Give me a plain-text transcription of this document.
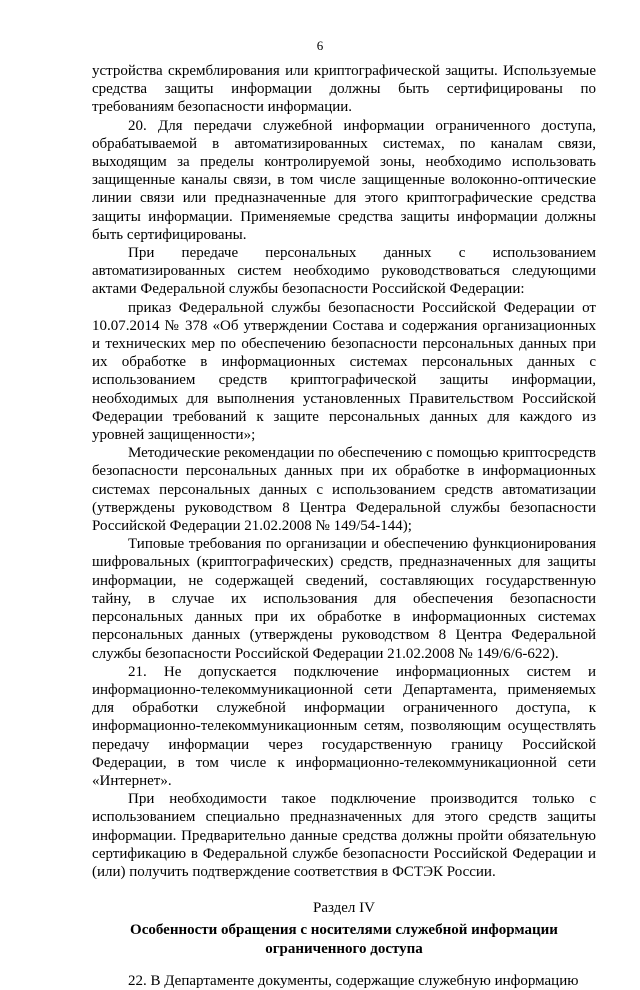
6

устройства скремблирования или криптографической защиты. Используемые средства защиты информации должны быть сертифицированы по требованиям безопасности информации.

20. Для передачи служебной информации ограниченного доступа, обрабатываемой в автоматизированных системах, по каналам связи, выходящим за пределы контролируемой зоны, необходимо использовать защищенные каналы связи, в том числе защищенные волоконно-оптические линии связи или предназначенные для этого криптографические средства защиты информации. Применяемые средства защиты информации должны быть сертифицированы.

При передаче персональных данных с использованием автоматизированных систем необходимо руководствоваться следующими актами Федеральной службы безопасности Российской Федерации:

приказ Федеральной службы безопасности Российской Федерации от 10.07.2014 № 378 «Об утверждении Состава и содержания организационных и технических мер по обеспечению безопасности персональных данных при их обработке в информационных системах персональных данных с использованием средств криптографической защиты информации, необходимых для выполнения установленных Правительством Российской Федерации требований к защите персональных данных для каждого из уровней защищенности»;

Методические рекомендации по обеспечению с помощью криптосредств безопасности персональных данных при их обработке в информационных системах персональных данных с использованием средств автоматизации (утверждены руководством 8 Центра Федеральной службы безопасности Российской Федерации 21.02.2008 № 149/54-144);

Типовые требования по организации и обеспечению функционирования шифровальных (криптографических) средств, предназначенных для защиты информации, не содержащей сведений, составляющих государственную тайну, в случае их использования для обеспечения безопасности персональных данных при их обработке в информационных системах персональных данных (утверждены руководством 8 Центра Федеральной службы безопасности Российской Федерации 21.02.2008 № 149/6/6-622).

21. Не допускается подключение информационных систем и информационно-телекоммуникационной сети Департамента, применяемых для обработки служебной информации ограниченного доступа, к информационно-телекоммуникационным сетям, позволяющим осуществлять передачу информации через государственную границу Российской Федерации, в том числе к информационно-телекоммуникационной сети «Интернет».

При необходимости такое подключение производится только с использованием специально предназначенных для этого средств защиты информации. Предварительно данные средства должны пройти обязательную сертификацию в Федеральной службе безопасности Российской Федерации и (или) получить подтверждение соответствия в ФСТЭК России.

Раздел IV

Особенности обращения с носителями служебной информации ограниченного доступа

22. В Департаменте документы, содержащие служебную информацию
